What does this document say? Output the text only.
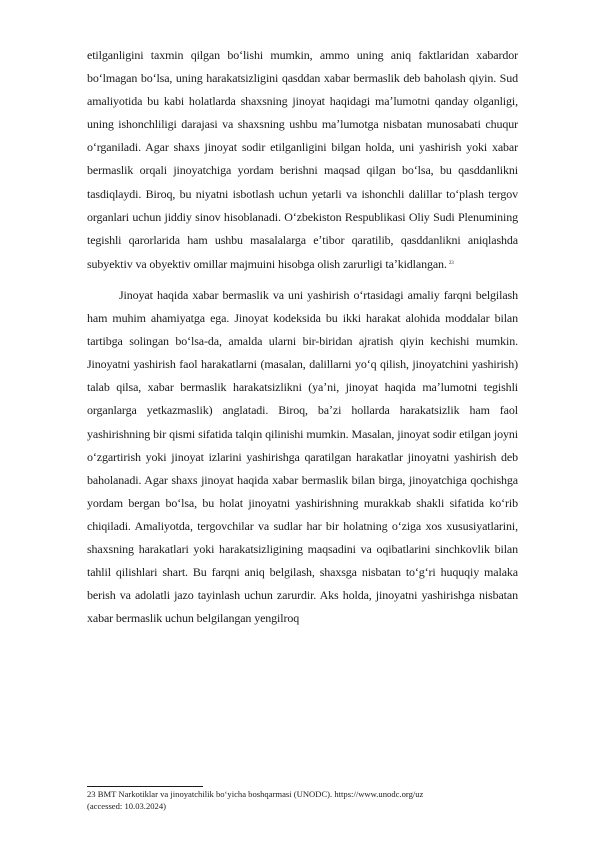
etilganligini taxmin qilgan boʻlishi mumkin, ammo uning aniq faktlaridan xabardor boʻlmagan boʻlsa, uning harakatsizligini qasddan xabar bermaslik deb baholash qiyin. Sud amaliyotida bu kabi holatlarda shaxsning jinoyat haqidagi maʼlumotni qanday olganligi, uning ishonchliligi darajasi va shaxsning ushbu maʼlumotga nisbatan munosabati chuqur oʻrganiladi. Agar shaxs jinoyat sodir etilganligini bilgan holda, uni yashirish yoki xabar bermaslik orqali jinoyatchiga yordam berishni maqsad qilgan boʻlsa, bu qasddanlikni tasdiqlaydi. Biroq, bu niyatni isbotlash uchun yetarli va ishonchli dalillar toʻplash tergov organlari uchun jiddiy sinov hisoblanadi. Oʻzbekiston Respublikasi Oliy Sudi Plenumining tegishli qarorlarida ham ushbu masalalarga eʼtibor qaratilib, qasddanlikni aniqlashda subyektiv va obyektiv omillar majmuini hisobga olish zarurligi taʼkidlangan. $^{23}$

Jinoyat haqida xabar bermaslik va uni yashirish oʻrtasidagi amaliy farqni belgilash ham muhim ahamiyatga ega. Jinoyat kodeksida bu ikki harakat alohida moddalar bilan tartibga solingan boʻlsa-da, amalda ularni bir-biridan ajratish qiyin kechishi mumkin. Jinoyatni yashirish faol harakatlarni (masalan, dalillarni yoʻq qilish, jinoyatchini yashirish) talab qilsa, xabar bermaslik harakatsizlikni (yaʼni, jinoyat haqida maʼlumotni tegishli organlarga yetkazmaslik) anglatadi. Biroq, baʼzi hollarda harakatsizlik ham faol yashirishning bir qismi sifatida talqin qilinishi mumkin. Masalan, jinoyat sodir etilgan joyni oʻzgartirish yoki jinoyat izlarini yashirishga qaratilgan harakatlar jinoyatni yashirish deb baholanadi. Agar shaxs jinoyat haqida xabar bermaslik bilan birga, jinoyatchiga qochishga yordam bergan boʻlsa, bu holat jinoyatni yashirishning murakkab shakli sifatida koʻrib chiqiladi. Amaliyotda, tergovchilar va sudlar har bir holatning oʻziga xos xususiyatlarini, shaxsning harakatlari yoki harakatsizligining maqsadini va oqibatlarini sinchkovlik bilan tahlil qilishlari shart. Bu farqni aniq belgilash, shaxsga nisbatan toʻgʻri huquqiy malaka berish va adolatli jazo tayinlash uchun zarurdir. Aks holda, jinoyatni yashirishga nisbatan xabar bermaslik uchun belgilangan yengilroq

23 BMT Narkotiklar va jinoyatchilik boʻyicha boshqarmasi (UNODC). https://www.unodc.org/uz
(accessed: 10.03.2024)
